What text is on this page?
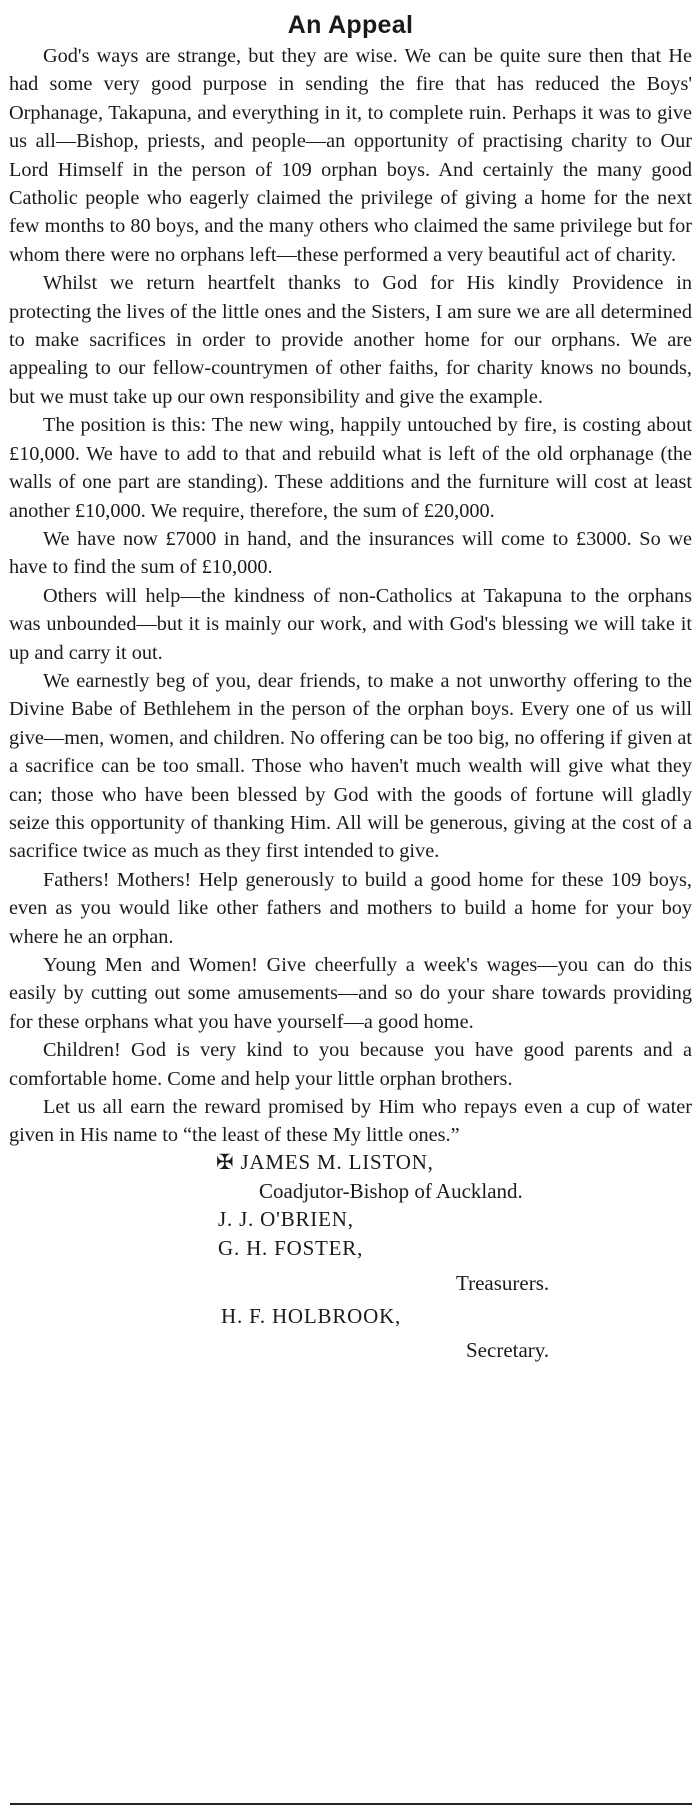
An Appeal

God's ways are strange, but they are wise. We can be quite sure then that He had some very good purpose in sending the fire that has reduced the Boys' Orphanage, Takapuna, and everything in it, to complete ruin. Perhaps it was to give us all—Bishop, priests, and people—an opportunity of practising charity to Our Lord Himself in the person of 109 orphan boys. And certainly the many good Catholic people who eagerly claimed the privilege of giving a home for the next few months to 80 boys, and the many others who claimed the same privilege but for whom there were no orphans left—these performed a very beautiful act of charity.

Whilst we return heartfelt thanks to God for His kindly Providence in protecting the lives of the little ones and the Sisters, I am sure we are all determined to make sacrifices in order to provide another home for our orphans. We are appealing to our fellow-countrymen of other faiths, for charity knows no bounds, but we must take up our own responsibility and give the example.

The position is this: The new wing, happily untouched by fire, is costing about £10,000. We have to add to that and rebuild what is left of the old orphanage (the walls of one part are standing). These additions and the furniture will cost at least another £10,000. We require, therefore, the sum of £20,000.

We have now £7000 in hand, and the insurances will come to £3000. So we have to find the sum of £10,000.

Others will help—the kindness of non-Catholics at Takapuna to the orphans was unbounded—but it is mainly our work, and with God's blessing we will take it up and carry it out.

We earnestly beg of you, dear friends, to make a not unworthy offering to the Divine Babe of Bethlehem in the person of the orphan boys. Every one of us will give—men, women, and children. No offering can be too big, no offering if given at a sacrifice can be too small. Those who haven't much wealth will give what they can; those who have been blessed by God with the goods of fortune will gladly seize this opportunity of thanking Him. All will be generous, giving at the cost of a sacrifice twice as much as they first intended to give.

Fathers! Mothers! Help generously to build a good home for these 109 boys, even as you would like other fathers and mothers to build a home for your boy where he an orphan.

Young Men and Women! Give cheerfully a week's wages—you can do this easily by cutting out some amusements—and so do your share towards providing for these orphans what you have yourself—a good home.

Children! God is very kind to you because you have good parents and a comfortable home. Come and help your little orphan brothers.

Let us all earn the reward promised by Him who repays even a cup of water given in His name to “the least of these My little ones.”

✠ JAMES M. LISTON,
Coadjutor-Bishop of Auckland.
J. J. O'BRIEN,
G. H. FOSTER,
Treasurers.
H. F. HOLBROOK,
Secretary.
